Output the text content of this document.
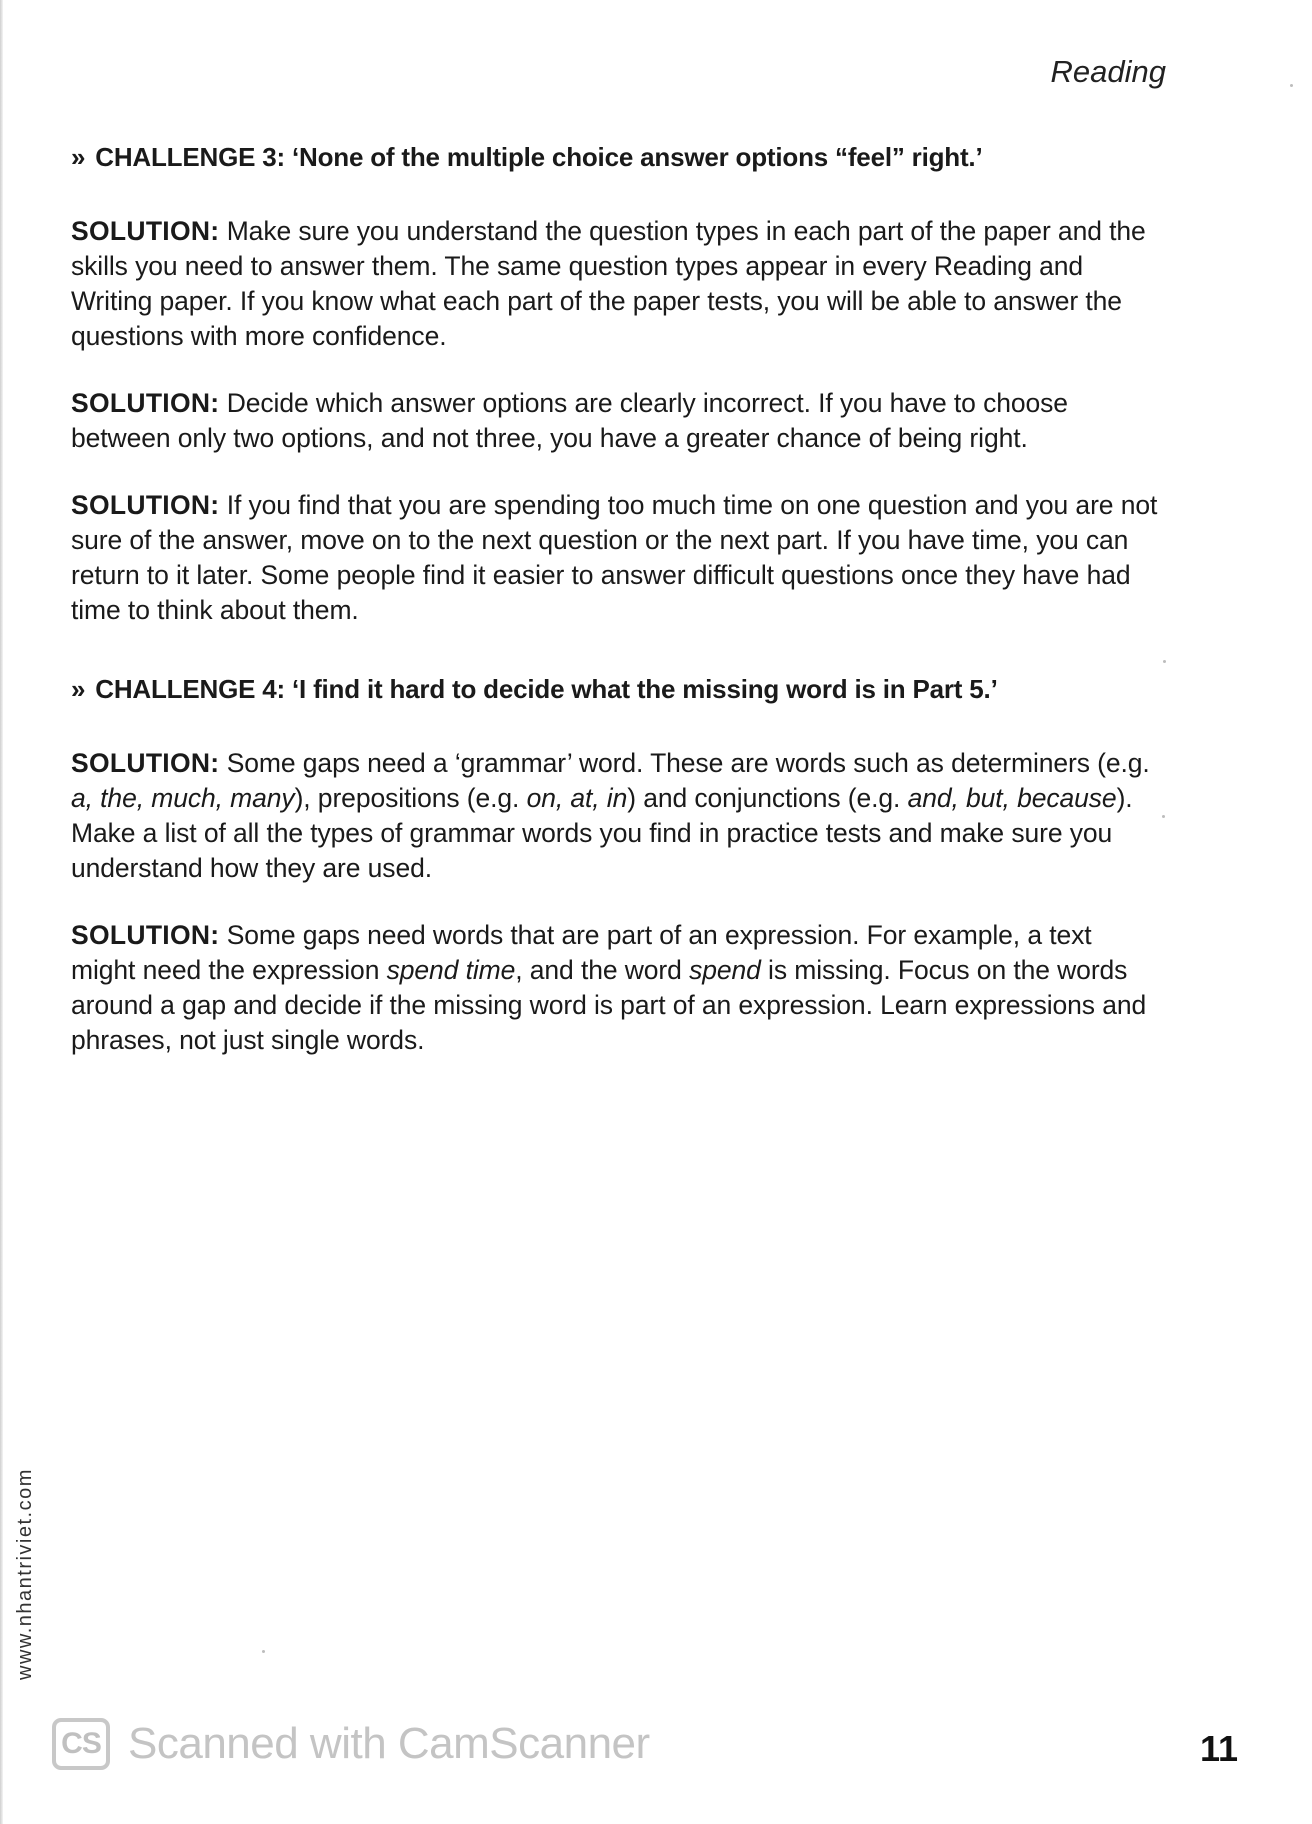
Reading

» CHALLENGE 3: ‘None of the multiple choice answer options “feel” right.’

SOLUTION: Make sure you understand the question types in each part of the paper and the skills you need to answer them. The same question types appear in every Reading and Writing paper. If you know what each part of the paper tests, you will be able to answer the questions with more confidence.

SOLUTION: Decide which answer options are clearly incorrect. If you have to choose between only two options, and not three, you have a greater chance of being right.

SOLUTION: If you find that you are spending too much time on one question and you are not sure of the answer, move on to the next question or the next part. If you have time, you can return to it later. Some people find it easier to answer difficult questions once they have had time to think about them.

» CHALLENGE 4: ‘I find it hard to decide what the missing word is in Part 5.’

SOLUTION: Some gaps need a ‘grammar’ word. These are words such as determiners (e.g. a, the, much, many), prepositions (e.g. on, at, in) and conjunctions (e.g. and, but, because). Make a list of all the types of grammar words you find in practice tests and make sure you understand how they are used.

SOLUTION: Some gaps need words that are part of an expression. For example, a text might need the expression spend time, and the word spend is missing. Focus on the words around a gap and decide if the missing word is part of an expression. Learn expressions and phrases, not just single words.

www.nhantriviet.com
CS Scanned with CamScanner	11
